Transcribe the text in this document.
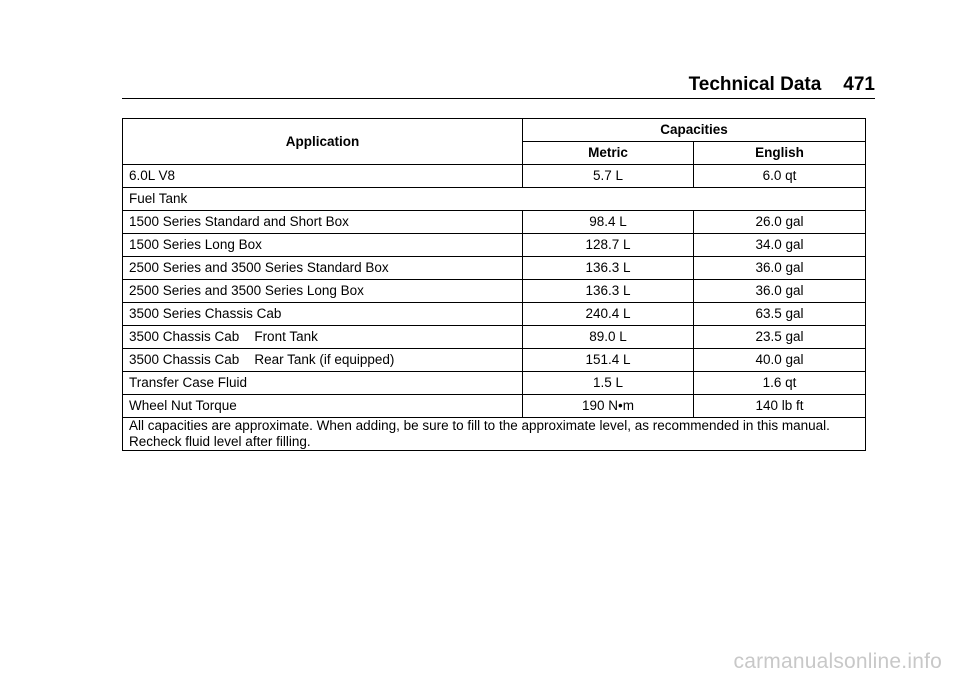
Technical Data 471
Application	Capacities	
	Metric	English
6.0L V8	5.7 L	6.0 qt
Fuel Tank		
1500 Series Standard and Short Box	98.4 L	26.0 gal
1500 Series Long Box	128.7 L	34.0 gal
2500 Series and 3500 Series Standard Box	136.3 L	36.0 gal
2500 Series and 3500 Series Long Box	136.3 L	36.0 gal
3500 Series Chassis Cab	240.4 L	63.5 gal
3500 Chassis Cab    Front Tank	89.0 L	23.5 gal
3500 Chassis Cab    Rear Tank (if equipped)	151.4 L	40.0 gal
Transfer Case Fluid	1.5 L	1.6 qt
Wheel Nut Torque	190 N•m	140 lb ft
All capacities are approximate. When adding, be sure to fill to the approximate level, as recommended in this manual. Recheck fluid level after filling.		
carmanualsonline.info
